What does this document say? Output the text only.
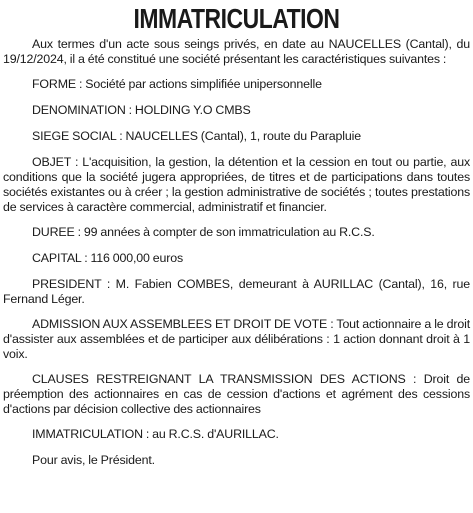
IMMATRICULATION

Aux termes d'un acte sous seings privés, en date au NAUCELLES (Cantal), du 19/12/2024, il a été constitué une société présentant les caractéristiques suivantes :

FORME : Société par actions simplifiée unipersonnelle

DENOMINATION : HOLDING Y.O CMBS

SIEGE SOCIAL : NAUCELLES (Cantal), 1, route du Parapluie

OBJET : L'acquisition, la gestion, la détention et la cession en tout ou partie, aux conditions que la société jugera appropriées, de titres et de participations dans toutes sociétés existantes ou à créer ; la gestion administrative de sociétés ; toutes prestations de services à caractère commercial, administratif et financier.

DUREE : 99 années à compter de son immatriculation au R.C.S.

CAPITAL : 116 000,00 euros

PRESIDENT : M. Fabien COMBES, demeurant à AURILLAC (Cantal), 16, rue Fernand Léger.

ADMISSION AUX ASSEMBLEES ET DROIT DE VOTE : Tout actionnaire a le droit d'assister aux assemblées et de participer aux délibérations : 1 action donnant droit à 1 voix.

CLAUSES RESTREIGNANT LA TRANSMISSION DES ACTIONS : Droit de préemption des actionnaires en cas de cession d'actions et agrément des cessions d'actions par décision collective des actionnaires

IMMATRICULATION : au R.C.S. d'AURILLAC.

Pour avis, le Président.
